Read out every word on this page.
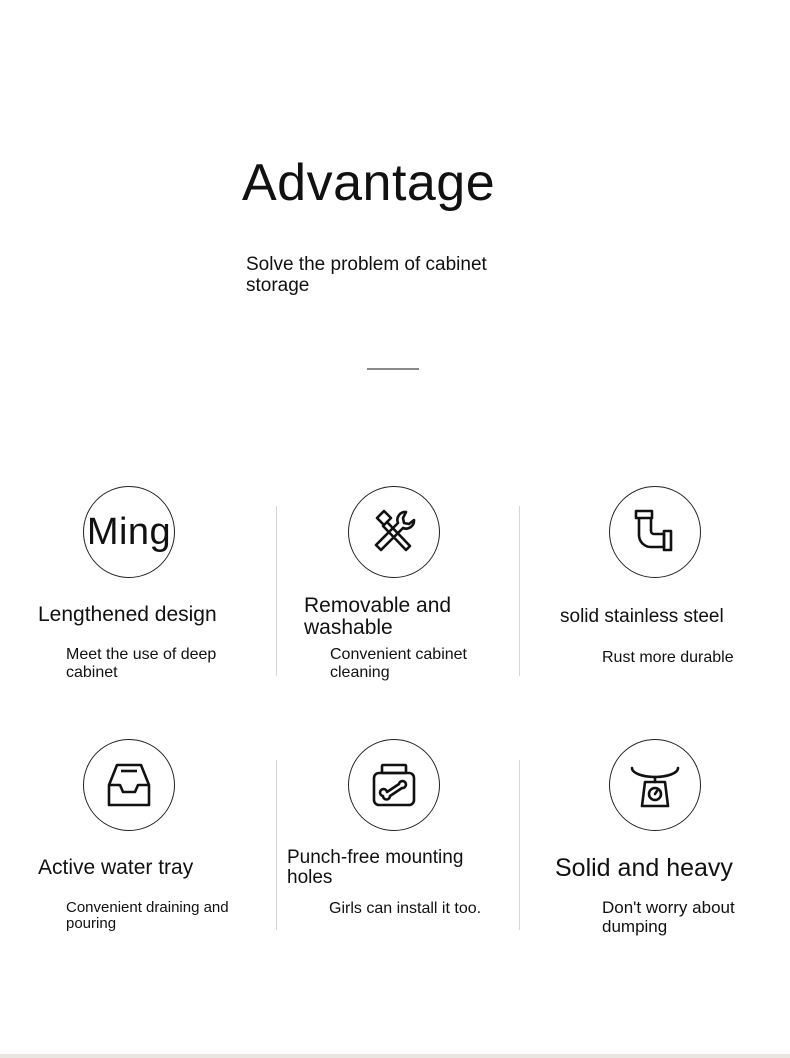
Advantage
Solve the problem of cabinet storage
Ming
Lengthened design
Meet the use of deep cabinet
Removable and washable
Convenient cabinet cleaning
solid stainless steel
Rust more durable
Active water tray
Convenient draining and pouring
Punch-free mounting holes
Girls can install it too.
Solid and heavy
Don't worry about dumping
